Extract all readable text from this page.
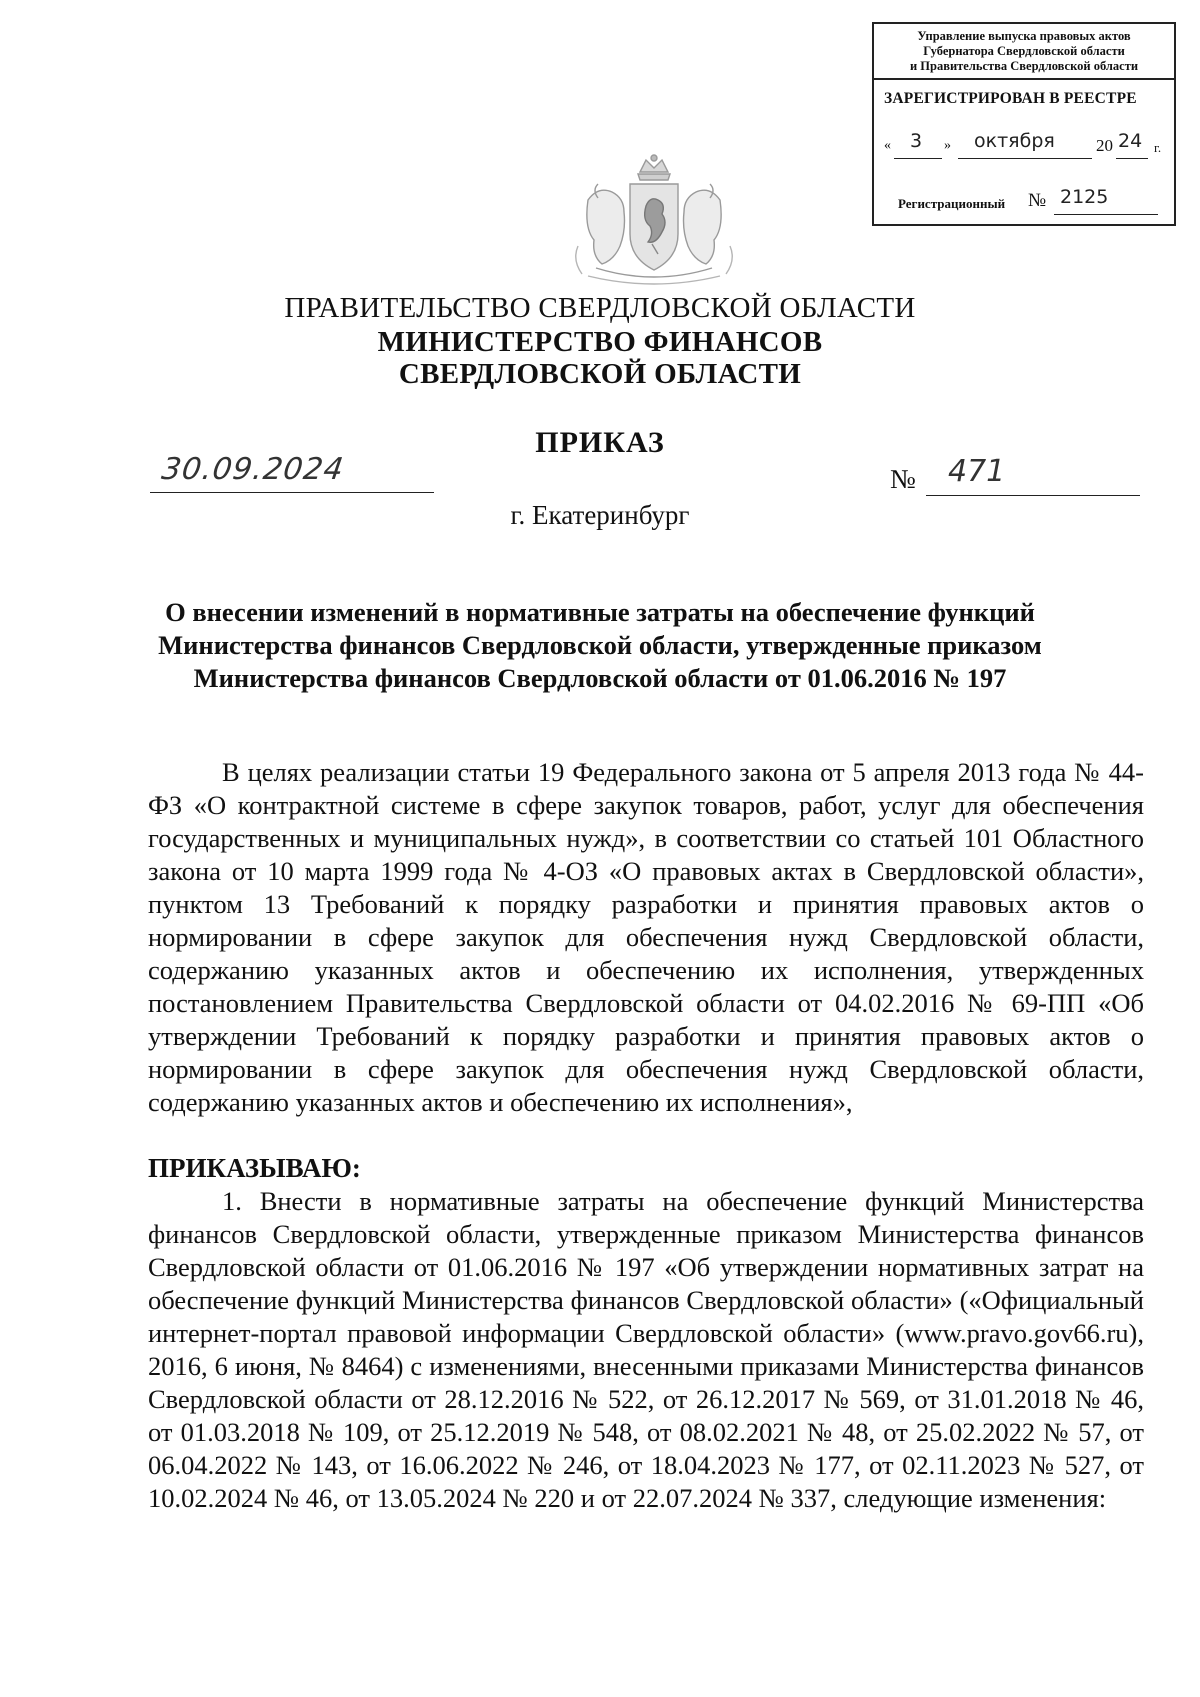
Управление выпуска правовых актов
Губернатора Свердловской области
и Правительства Свердловской области
ЗАРЕГИСТРИРОВАН В РЕЕСТРЕ
« 3 » октября 20 24 г.
Регистрационный № 2125
ПРАВИТЕЛЬСТВО СВЕРДЛОВСКОЙ ОБЛАСТИ
МИНИСТЕРСТВО ФИНАНСОВ
СВЕРДЛОВСКОЙ ОБЛАСТИ
ПРИКАЗ
30.09.2024	№ 471
г. Екатеринбург
О внесении изменений в нормативные затраты на обеспечение функций
Министерства финансов Свердловской области, утвержденные приказом
Министерства финансов Свердловской области от 01.06.2016 № 197
В целях реализации статьи 19 Федерального закона от 5 апреля 2013 года № 44-ФЗ «О контрактной системе в сфере закупок товаров, работ, услуг для обеспечения государственных и муниципальных нужд», в соответствии со статьей 101 Областного закона от 10 марта 1999 года № 4-ОЗ «О правовых актах в Свердловской области», пунктом 13 Требований к порядку разработки и принятия правовых актов о нормировании в сфере закупок для обеспечения нужд Свердловской области, содержанию указанных актов и обеспечению их исполнения, утвержденных постановлением Правительства Свердловской области от 04.02.2016 № 69-ПП «Об утверждении Требований к порядку разработки и принятия правовых актов о нормировании в сфере закупок для обеспечения нужд Свердловской области, содержанию указанных актов и обеспечению их исполнения»,
ПРИКАЗЫВАЮ:
1. Внести в нормативные затраты на обеспечение функций Министерства финансов Свердловской области, утвержденные приказом Министерства финансов Свердловской области от 01.06.2016 № 197 «Об утверждении нормативных затрат на обеспечение функций Министерства финансов Свердловской области» («Официальный интернет-портал правовой информации Свердловской области» (www.pravo.gov66.ru), 2016, 6 июня, № 8464) с изменениями, внесенными приказами Министерства финансов Свердловской области от 28.12.2016 № 522, от 26.12.2017 № 569, от 31.01.2018 № 46, от 01.03.2018 № 109, от 25.12.2019 № 548, от 08.02.2021 № 48, от 25.02.2022 № 57, от 06.04.2022 № 143, от 16.06.2022 № 246, от 18.04.2023 № 177, от 02.11.2023 № 527, от 10.02.2024 № 46, от 13.05.2024 № 220 и от 22.07.2024 № 337, следующие изменения:
